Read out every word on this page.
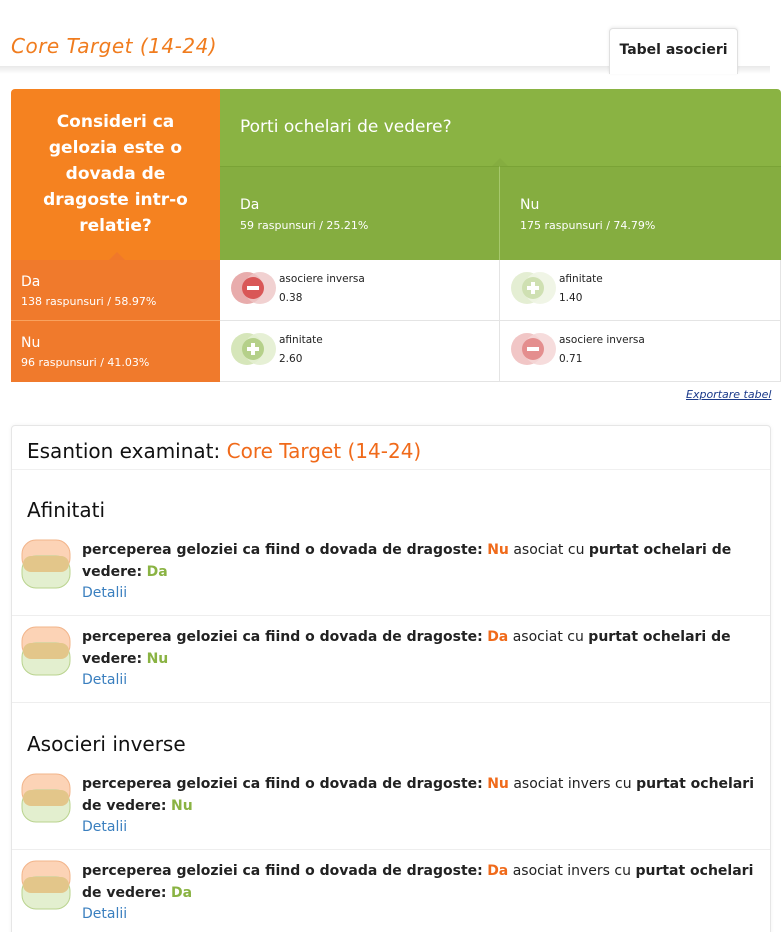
Core Target (14-24)	Tabel asocieri
Consideri ca gelozia este o dovada de dragoste intr-o relatie?
Porti ochelari de vedere?
Da
59 raspunsuri / 25.21%
Nu
175 raspunsuri / 74.79%
Da
138 raspunsuri / 58.97%
Nu
96 raspunsuri / 41.03%
asociere inversa
0.38
afinitate
1.40
afinitate
2.60
asociere inversa
0.71
Exportare tabel
Esantion examinat: Core Target (14-24)
Afinitati
perceperea geloziei ca fiind o dovada de dragoste: Nu asociat cu purtat ochelari de vedere: Da
Detalii
perceperea geloziei ca fiind o dovada de dragoste: Da asociat cu purtat ochelari de vedere: Nu
Detalii
Asocieri inverse
perceperea geloziei ca fiind o dovada de dragoste: Nu asociat invers cu purtat ochelari de vedere: Nu
Detalii
perceperea geloziei ca fiind o dovada de dragoste: Da asociat invers cu purtat ochelari de vedere: Da
Detalii
